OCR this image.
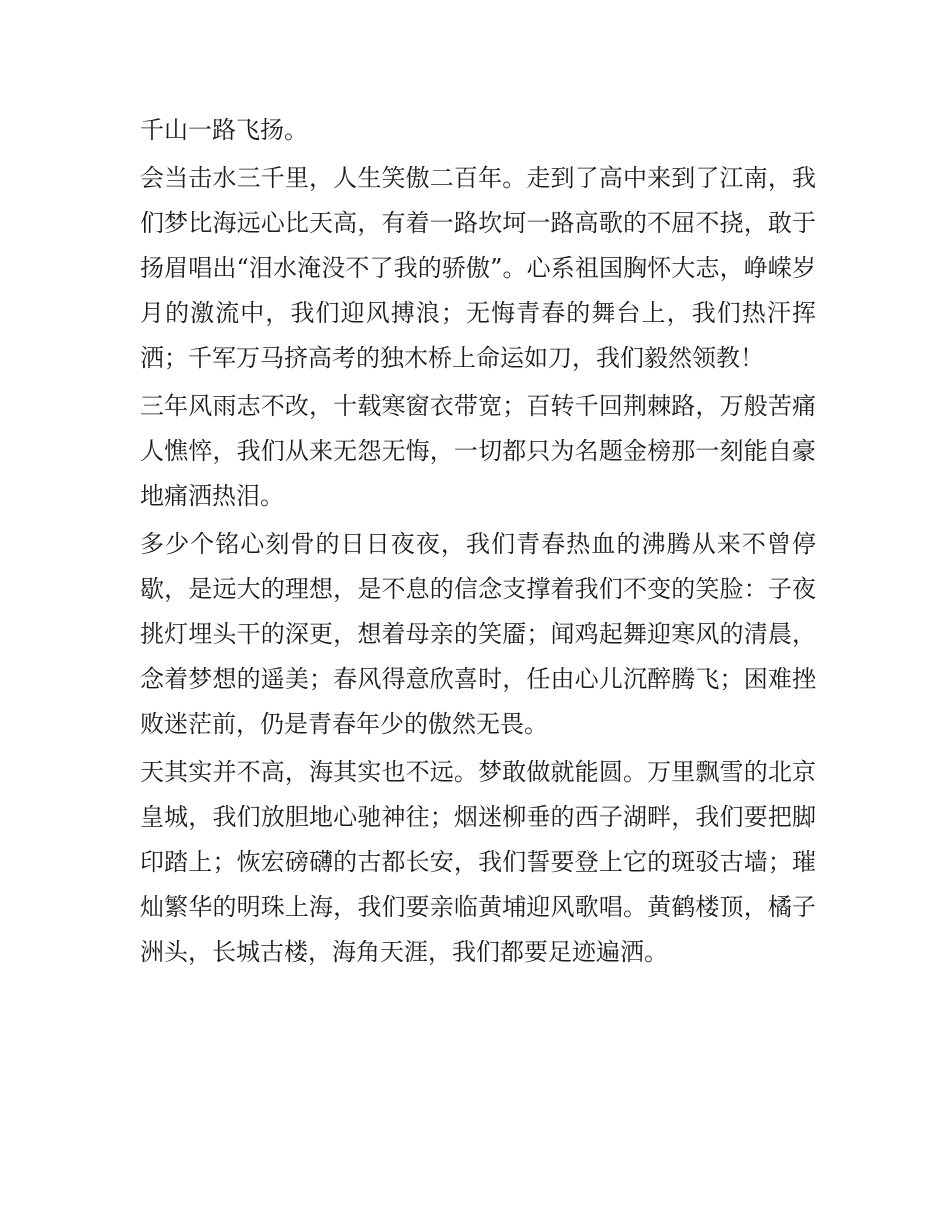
千山一路飞扬。

会当击水三千里，人生笑傲二百年。走到了高中来到了江南，我们梦比海远心比天高，有着一路坎坷一路高歌的不屈不挠，敢于扬眉唱出“泪水淹没不了我的骄傲”。心系祖国胸怀大志，峥嵘岁月的激流中，我们迎风搏浪；无悔青春的舞台上，我们热汗挥洒；千军万马挤高考的独木桥上命运如刀，我们毅然领教！

三年风雨志不改，十载寒窗衣带宽；百转千回荆棘路，万般苦痛人憔悴，我们从来无怨无悔，一切都只为名题金榜那一刻能自豪地痛洒热泪。

多少个铭心刻骨的日日夜夜，我们青春热血的沸腾从来不曾停歇，是远大的理想，是不息的信念支撑着我们不变的笑脸：子夜挑灯埋头干的深更，想着母亲的笑靥；闻鸡起舞迎寒风的清晨，念着梦想的遥美；春风得意欣喜时，任由心儿沉醉腾飞；困难挫败迷茫前，仍是青春年少的傲然无畏。

天其实并不高，海其实也不远。梦敢做就能圆。万里飘雪的北京皇城，我们放胆地心驰神往；烟迷柳垂的西子湖畔，我们要把脚印踏上；恢宏磅礴的古都长安，我们誓要登上它的斑驳古墙；璀灿繁华的明珠上海，我们要亲临黄埔迎风歌唱。黄鹤楼顶，橘子洲头，长城古楼，海角天涯，我们都要足迹遍洒。
